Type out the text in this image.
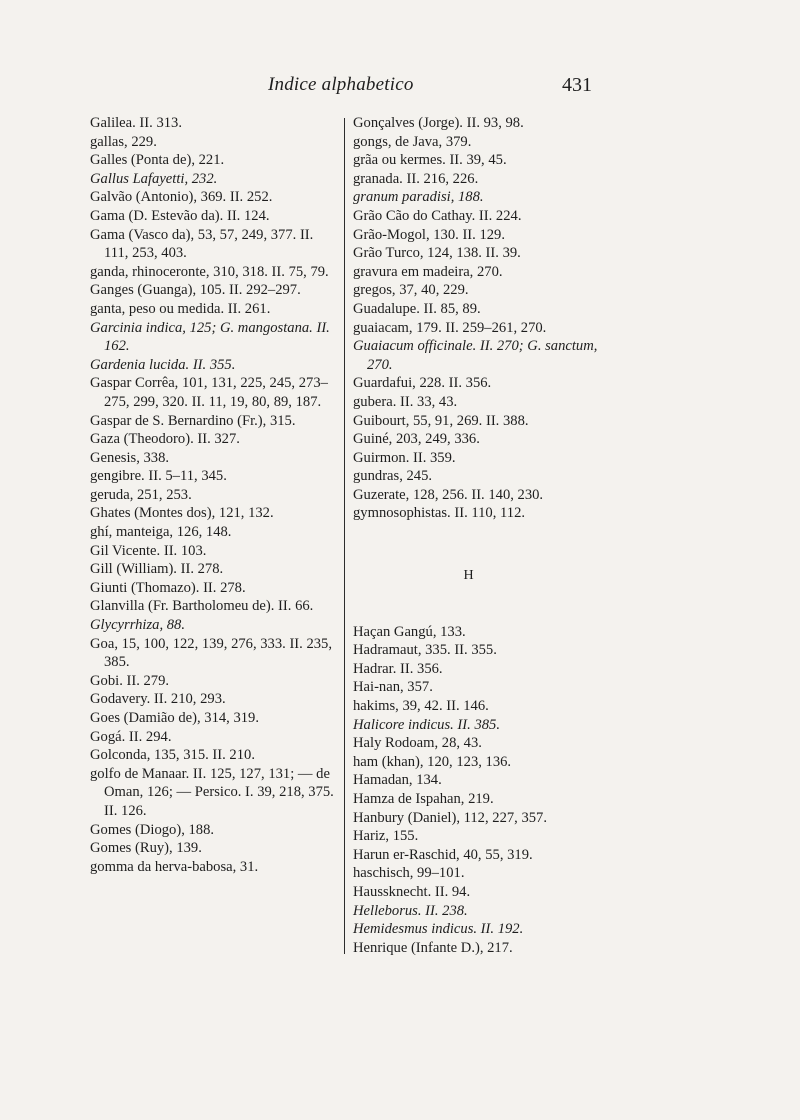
Indice alphabetico	431
Galilea. II. 313.
gallas, 229.
Galles (Ponta de), 221.
Gallus Lafayetti, 232.
Galvão (Antonio), 369. II. 252.
Gama (D. Estevão da). II. 124.
Gama (Vasco da), 53, 57, 249, 377. II. 111, 253, 403.
ganda, rhinoceronte, 310, 318. II. 75, 79.
Ganges (Guanga), 105. II. 292–297.
ganta, peso ou medida. II. 261.
Garcinia indica, 125; G. mangostana. II. 162.
Gardenia lucida. II. 355.
Gaspar Corrêa, 101, 131, 225, 245, 273–275, 299, 320. II. 11, 19, 80, 89, 187.
Gaspar de S. Bernardino (Fr.), 315.
Gaza (Theodoro). II. 327.
Genesis, 338.
gengibre. II. 5–11, 345.
geruda, 251, 253.
Ghates (Montes dos), 121, 132.
ghí, manteiga, 126, 148.
Gil Vicente. II. 103.
Gill (William). II. 278.
Giunti (Thomazo). II. 278.
Glanvilla (Fr. Bartholomeu de). II. 66.
Glycyrrhiza, 88.
Goa, 15, 100, 122, 139, 276, 333. II. 235, 385.
Gobi. II. 279.
Godavery. II. 210, 293.
Goes (Damião de), 314, 319.
Gogá. II. 294.
Golconda, 135, 315. II. 210.
golfo de Manaar. II. 125, 127, 131; — de Oman, 126; — Persico. I. 39, 218, 375. II. 126.
Gomes (Diogo), 188.
Gomes (Ruy), 139.
gomma da herva-babosa, 31.
Gonçalves (Jorge). II. 93, 98.
gongs, de Java, 379.
grãa ou kermes. II. 39, 45.
granada. II. 216, 226.
granum paradisi, 188.
Grão Cão do Cathay. II. 224.
Grão-Mogol, 130. II. 129.
Grão Turco, 124, 138. II. 39.
gravura em madeira, 270.
gregos, 37, 40, 229.
Guadalupe. II. 85, 89.
guaiacam, 179. II. 259–261, 270.
Guaiacum officinale. II. 270; G. sanctum, 270.
Guardafui, 228. II. 356.
gubera. II. 33, 43.
Guibourt, 55, 91, 269. II. 388.
Guiné, 203, 249, 336.
Guirmon. II. 359.
gundras, 245.
Guzerate, 128, 256. II. 140, 230.
gymnosophistas. II. 110, 112.
H
Haçan Gangú, 133.
Hadramaut, 335. II. 355.
Hadrar. II. 356.
Hai-nan, 357.
hakims, 39, 42. II. 146.
Halicore indicus. II. 385.
Haly Rodoam, 28, 43.
ham (khan), 120, 123, 136.
Hamadan, 134.
Hamza de Ispahan, 219.
Hanbury (Daniel), 112, 227, 357.
Hariz, 155.
Harun er-Raschid, 40, 55, 319.
haschisch, 99–101.
Haussknecht. II. 94.
Helleborus. II. 238.
Hemidesmus indicus. II. 192.
Henrique (Infante D.), 217.
